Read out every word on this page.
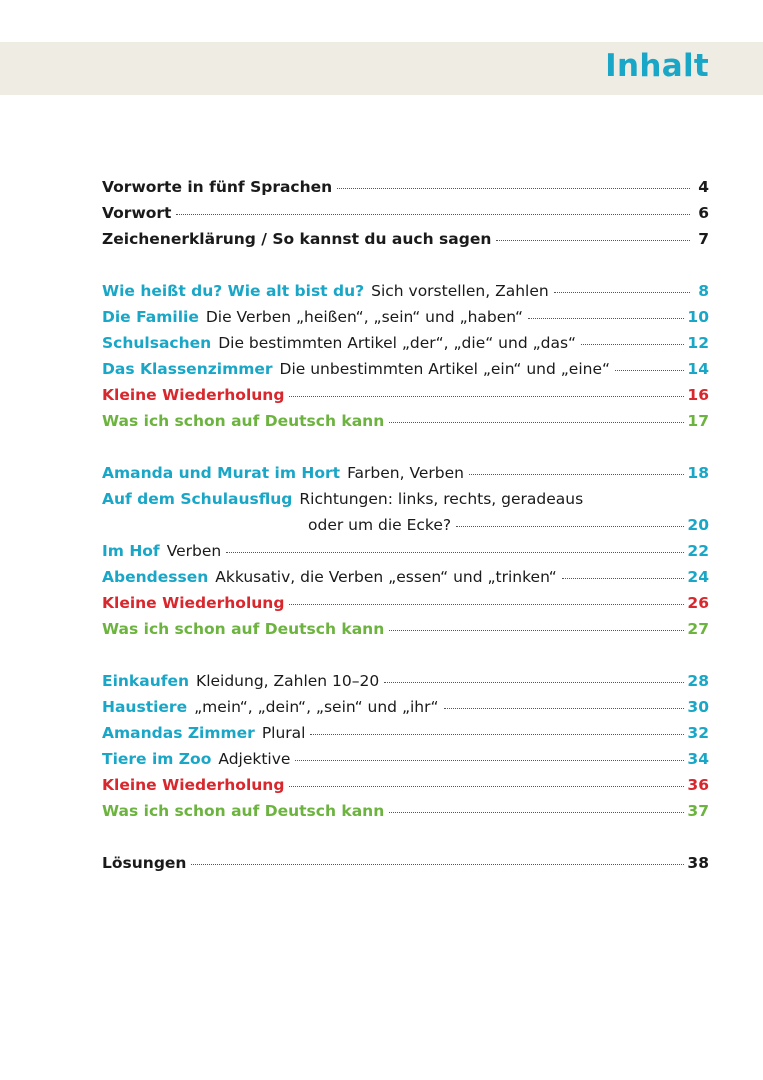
Inhalt
Vorworte in fünf Sprachen	4
Vorwort	6
Zeichenerklärung / So kannst du auch sagen	7
Wie heißt du? Wie alt bist du? Sich vorstellen, Zahlen	8
Die Familie Die Verben „heißen“, „sein“ und „haben“	10
Schulsachen Die bestimmten Artikel „der“, „die“ und „das“	12
Das Klassenzimmer Die unbestimmten Artikel „ein“ und „eine“	14
Kleine Wiederholung	16
Was ich schon auf Deutsch kann	17
Amanda und Murat im Hort Farben, Verben	18
Auf dem Schulausflug Richtungen: links, rechts, geradeaus
oder um die Ecke?	20
Im Hof Verben	22
Abendessen Akkusativ, die Verben „essen“ und „trinken“	24
Kleine Wiederholung	26
Was ich schon auf Deutsch kann	27
Einkaufen Kleidung, Zahlen 10–20	28
Haustiere „mein“, „dein“, „sein“ und „ihr“	30
Amandas Zimmer Plural	32
Tiere im Zoo Adjektive	34
Kleine Wiederholung	36
Was ich schon auf Deutsch kann	37
Lösungen	38
